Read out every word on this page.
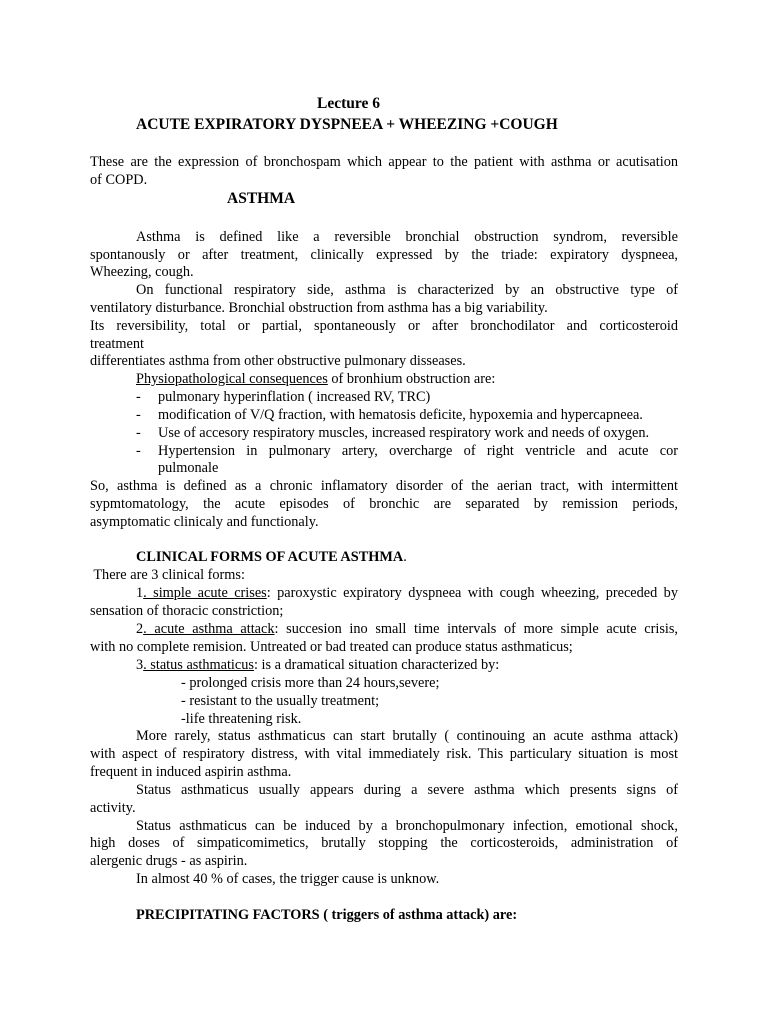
Lecture 6
ACUTE EXPIRATORY DYSPNEEA + WHEEZING +COUGH
These are the expression of bronchospam which appear to the patient with asthma or acutisation
of COPD.
ASTHMA
Asthma is defined like a reversible bronchial obstruction syndrom, reversible
spontanously or after treatment, clinically expressed by the triade: expiratory dyspneea,
Wheezing, cough.
On functional respiratory side, asthma is characterized by an obstructive type of
ventilatory disturbance. Bronchial obstruction from asthma has a big variability.
Its reversibility, total or partial, spontaneously or after bronchodilator and corticosteroid
treatment
differentiates asthma from other obstructive pulmonary disseases.
Physiopathological consequences of bronhium obstruction are:
- pulmonary hyperinflation ( increased RV, TRC)
- modification of V/Q fraction, with hematosis deficite, hypoxemia and hypercapneea.
- Use of accesory respiratory muscles, increased respiratory work and needs of oxygen.
- Hypertension in pulmonary artery, overcharge of right ventricle and acute cor
pulmonale
So, asthma is defined as a chronic inflamatory disorder of the aerian tract, with intermittent
sypmtomatology, the acute episodes of bronchic are separated by remission periods,
asymptomatic clinicaly and functionaly.
CLINICAL FORMS OF ACUTE ASTHMA.
There are 3 clinical forms:
1. simple acute crises: paroxystic expiratory dyspneea with cough wheezing, preceded by
sensation of thoracic constriction;
2. acute asthma attack: succesion ino small time intervals of more simple acute crisis,
with no complete remision. Untreated or bad treated can produce status asthmaticus;
3. status asthmaticus: is a dramatical situation characterized by:
- prolonged crisis more than 24 hours,severe;
- resistant to the usually treatment;
-life threatening risk.
More rarely, status asthmaticus can start brutally ( continouing an acute asthma attack)
with aspect of respiratory distress, with vital immediately risk. This particulary situation is most
frequent in induced aspirin asthma.
Status asthmaticus usually appears during a severe asthma which presents signs of
activity.
Status asthmaticus can be induced by a bronchopulmonary infection, emotional shock,
high doses of simpaticomimetics, brutally stopping the corticosteroids, administration of
alergenic drugs - as aspirin.
In almost 40 % of cases, the trigger cause is unknow.
PRECIPITATING FACTORS ( triggers of asthma attack) are:
